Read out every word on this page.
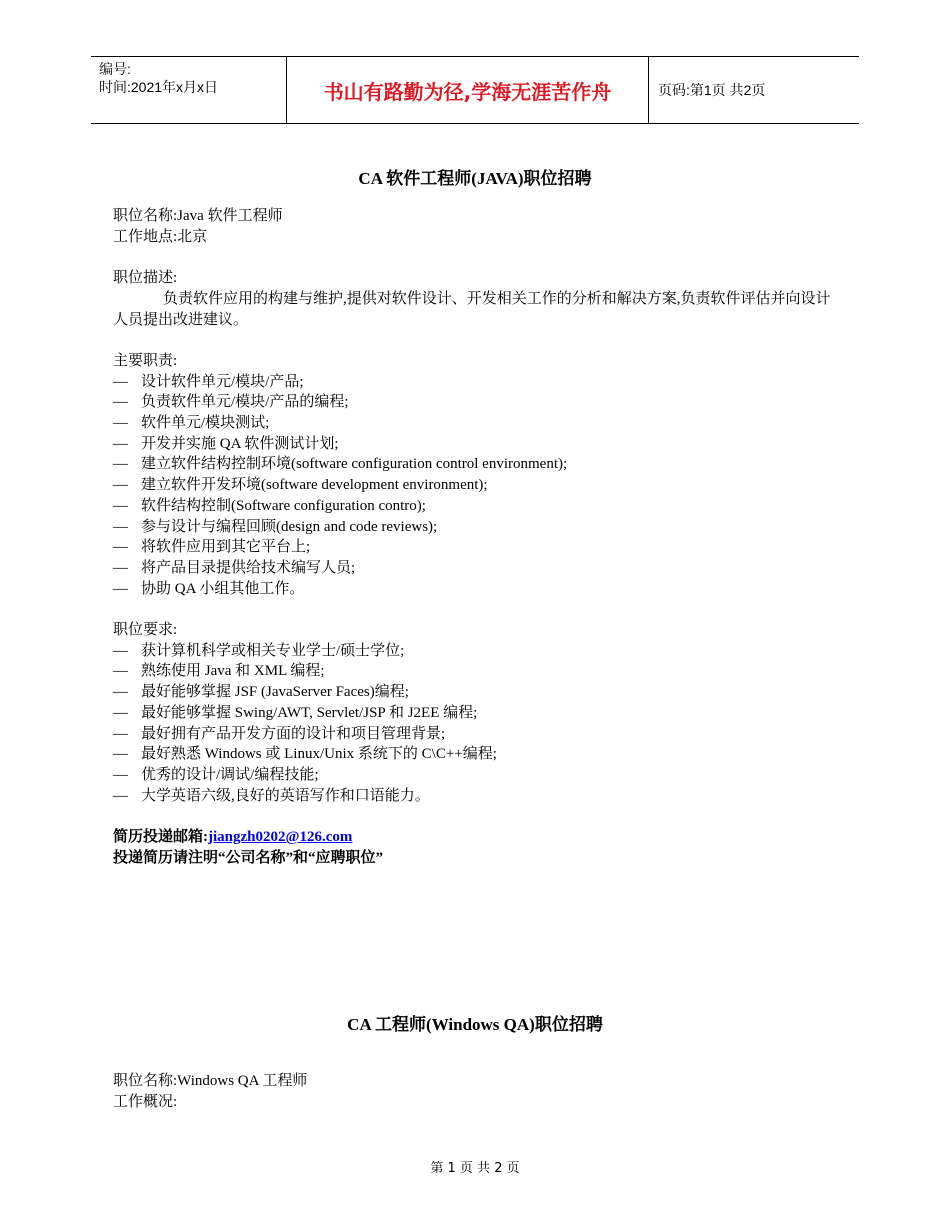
编号:
时间:2021年x月x日	书山有路勤为径,学海无涯苦作舟	页码:第1页 共2页
CA 软件工程师(JAVA)职位招聘

职位名称:Java 软件工程师

工作地点:北京

职位描述:

负责软件应用的构建与维护,提供对软件设计、开发相关工作的分析和解决方案,负责软件评估并向设计人员提出改进建议。

主要职责:

— 设计软件单元/模块/产品;
— 负责软件单元/模块/产品的编程;
— 软件单元/模块测试;
— 开发并实施 QA 软件测试计划;
— 建立软件结构控制环境(software configuration control environment);
— 建立软件开发环境(software development environment);
— 软件结构控制(Software configuration contro);
— 参与设计与编程回顾(design and code reviews);
— 将软件应用到其它平台上;
— 将产品目录提供给技术编写人员;
— 协助 QA 小组其他工作。

职位要求:

— 获计算机科学或相关专业学士/硕士学位;
— 熟练使用 Java 和 XML 编程;
— 最好能够掌握 JSF (JavaServer Faces)编程;
— 最好能够掌握 Swing/AWT, Servlet/JSP 和 J2EE 编程;
— 最好拥有产品开发方面的设计和项目管理背景;
— 最好熟悉 Windows 或 Linux/Unix 系统下的 C\C++编程;
— 优秀的设计/调试/编程技能;
— 大学英语六级,良好的英语写作和口语能力。

简历投递邮箱:jiangzh0202@126.com

投递简历请注明“公司名称”和“应聘职位”

CA 工程师(Windows QA)职位招聘

职位名称:Windows QA 工程师

工作概况:

第 1 页 共 2 页
